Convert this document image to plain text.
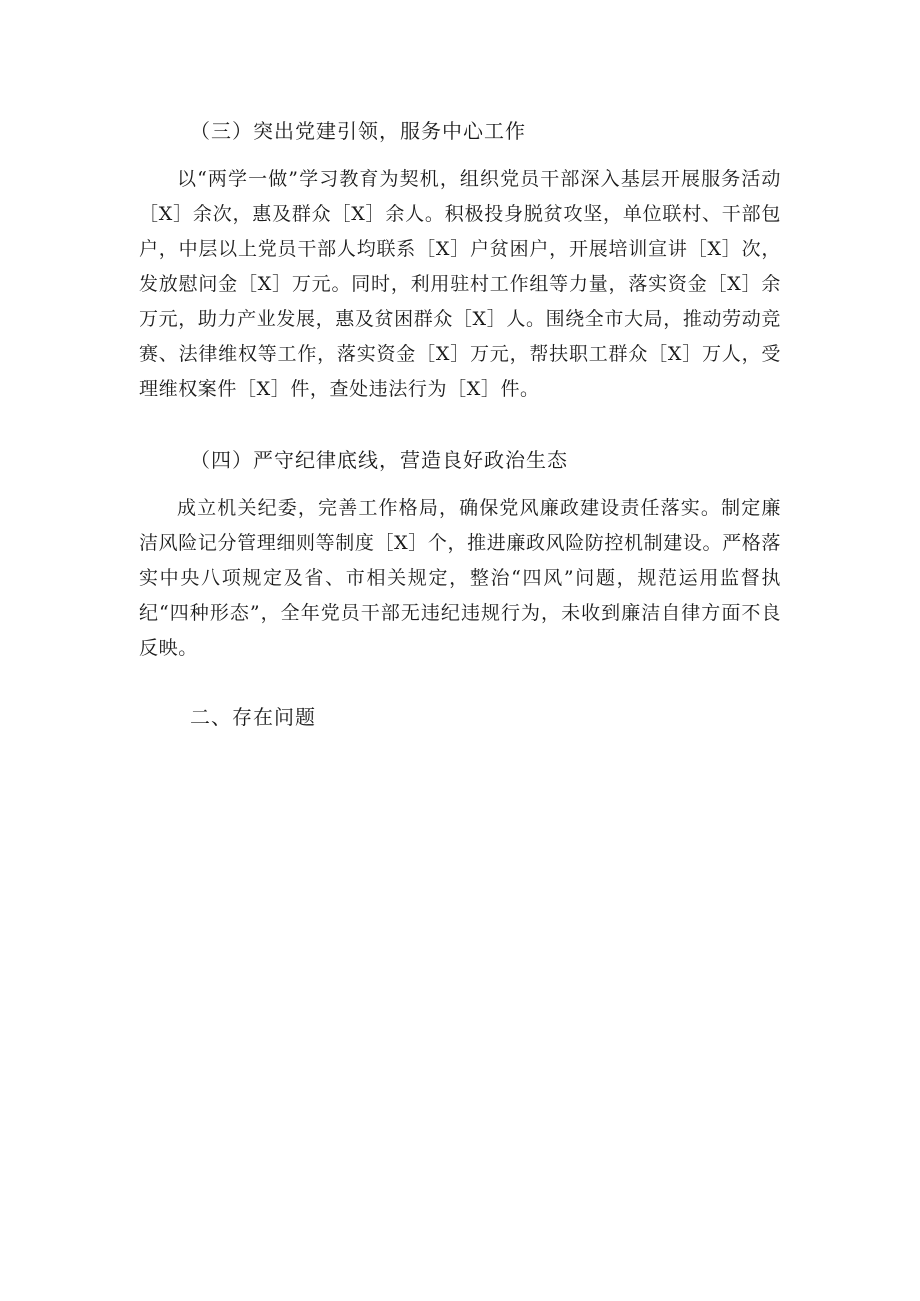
（三）突出党建引领，服务中心工作

以“两学一做”学习教育为契机，组织党员干部深入基层开展服务活动［X］余次，惠及群众［X］余人。积极投身脱贫攻坚，单位联村、干部包户，中层以上党员干部人均联系［X］户贫困户，开展培训宣讲［X］次，发放慰问金［X］万元。同时，利用驻村工作组等力量，落实资金［X］余万元，助力产业发展，惠及贫困群众［X］人。围绕全市大局，推动劳动竞赛、法律维权等工作，落实资金［X］万元，帮扶职工群众［X］万人，受理维权案件［X］件，查处违法行为［X］件。

（四）严守纪律底线，营造良好政治生态

成立机关纪委，完善工作格局，确保党风廉政建设责任落实。制定廉洁风险记分管理细则等制度［X］个，推进廉政风险防控机制建设。严格落实中央八项规定及省、市相关规定，整治“四风”问题，规范运用监督执纪“四种形态”，全年党员干部无违纪违规行为，未收到廉洁自律方面不良反映。

二、存在问题
